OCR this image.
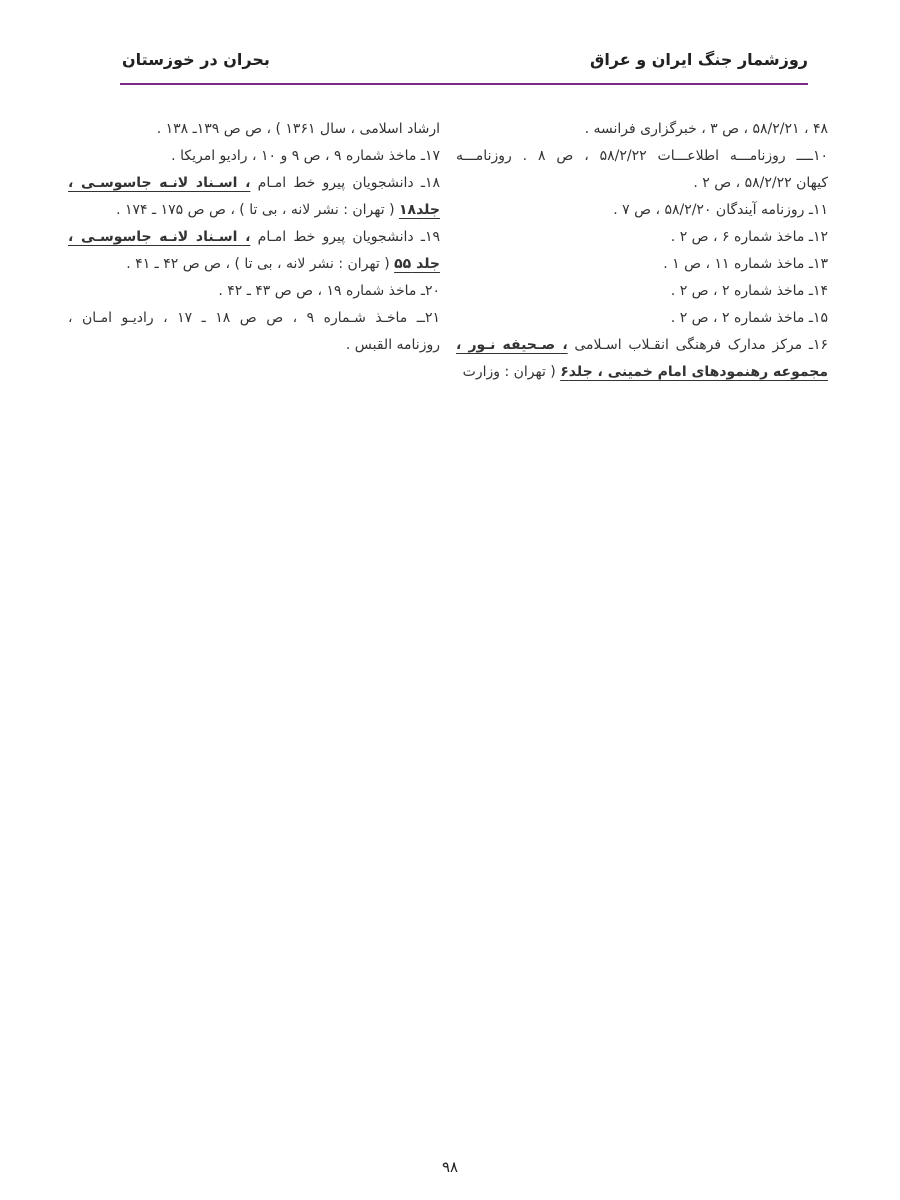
روزشمار جنگ ایران و عراق
بحران در خوزستان
۴۸ ، ۵۸/۲/۲۱ ، ص ۳ ، خبرگزاری فرانسه .
۱۰ــــ روزنامـــه اطلاعـــات ۵۸/۲/۲۲ ، ص ۸ . روزنامـــه
کیهان ۵۸/۲/۲۲ ، ص ۲ .
۱۱ـ روزنامه آیندگان ۵۸/۲/۲۰ ، ص ۷ .
۱۲ـ ماخذ شماره ۶ ، ص ۲ .
۱۳ـ ماخذ شماره ۱۱ ، ص ۱ .
۱۴ـ ماخذ شماره ۲ ، ص ۲ .
۱۵ـ ماخذ شماره ۲ ، ص ۲ .
۱۶ـ مرکز مدارک فرهنگی انقـلاب اسـلامی ، صـحیفه نـور ،
مجموعه رهنمودهای امام خمینی ، جلد۶ ( تهران : وزارت
ارشاد اسلامی ، سال ۱۳۶۱ ) ، ص ص ۱۳۹ـ ۱۳۸ .
۱۷ـ ماخذ شماره ۹ ، ص ۹ و ۱۰ ، رادیو امریکا .
۱۸ـ دانشجویان پیرو خط امـام ، اسـناد لانـه جاسوسـی ،
جلد۱۸ ( تهران : نشر لانه ، بی تا ) ، ص ص ۱۷۵ ـ ۱۷۴ .
۱۹ـ دانشجویان پیرو خط امـام ، اسـناد لانـه جاسوسـی ،
جلد ۵۵ ( تهران : نشر لانه ، بی تا ) ، ص ص ۴۲ ـ ۴۱ .
۲۰ـ ماخذ شماره ۱۹ ، ص ص ۴۳ ـ ۴۲ .
۲۱ــ ماخـذ شـماره ۹ ، ص ص ۱۸ ـ ۱۷ ، رادیـو امـان ،
روزنامه القبس .
۹۸
